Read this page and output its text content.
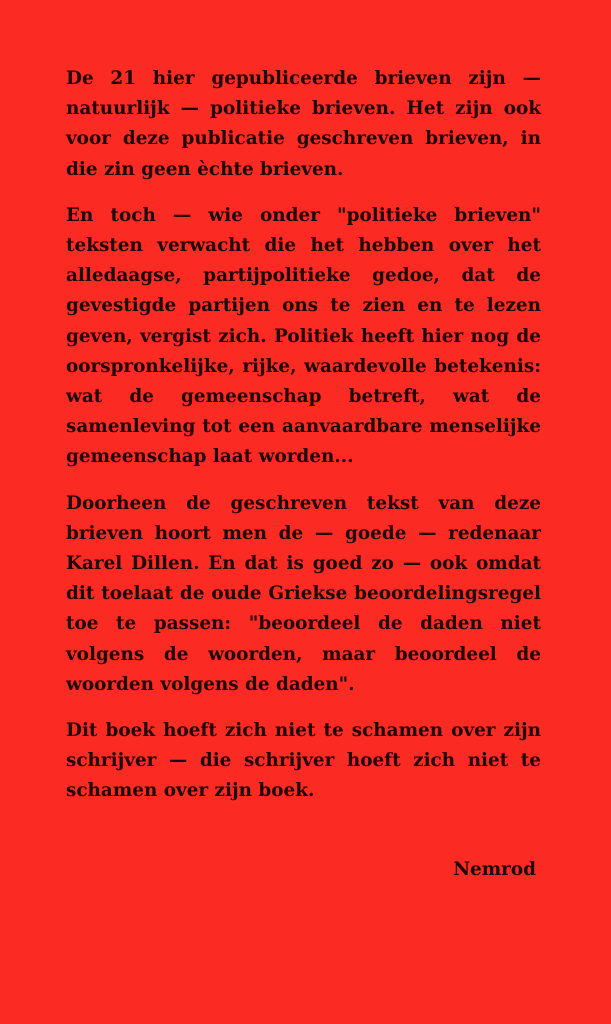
De 21 hier gepubliceerde brieven zijn — natuurlijk — politieke brieven. Het zijn ook voor deze publicatie geschreven brieven, in die zin geen èchte brieven.

En toch — wie onder "politieke brieven" teksten verwacht die het hebben over het alledaagse, partijpolitieke gedoe, dat de gevestigde partijen ons te zien en te lezen geven, vergist zich. Politiek heeft hier nog de oorspronkelijke, rijke, waardevolle betekenis: wat de gemeenschap betreft, wat de samenleving tot een aanvaardbare menselijke gemeenschap laat worden...

Doorheen de geschreven tekst van deze brieven hoort men de — goede — redenaar Karel Dillen. En dat is goed zo — ook omdat dit toelaat de oude Griekse beoordelingsregel toe te passen: "beoordeel de daden niet volgens de woorden, maar beoordeel de woorden volgens de daden".

Dit boek hoeft zich niet te schamen over zijn schrijver — die schrijver hoeft zich niet te schamen over zijn boek.

Nemrod
